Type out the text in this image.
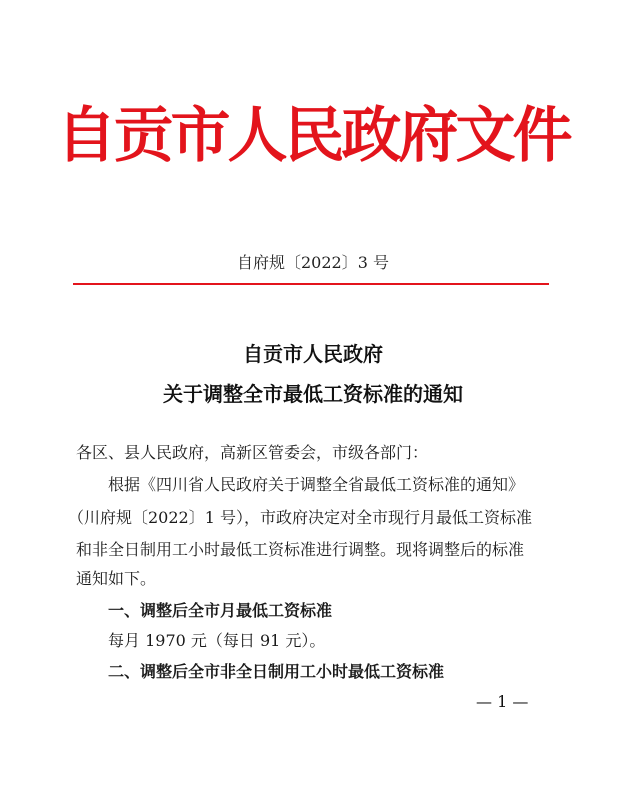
自贡市人民政府文件
自府规〔2022〕3 号
自贡市人民政府
关于调整全市最低工资标准的通知
各区、县人民政府，高新区管委会，市级各部门：
根据《四川省人民政府关于调整全省最低工资标准的通知》
（川府规〔2022〕1 号），市政府决定对全市现行月最低工资标准
和非全日制用工小时最低工资标准进行调整。现将调整后的标准
通知如下。
一、调整后全市月最低工资标准
每月 1970 元（每日 91 元）。
二、调整后全市非全日制用工小时最低工资标准
— 1 —
